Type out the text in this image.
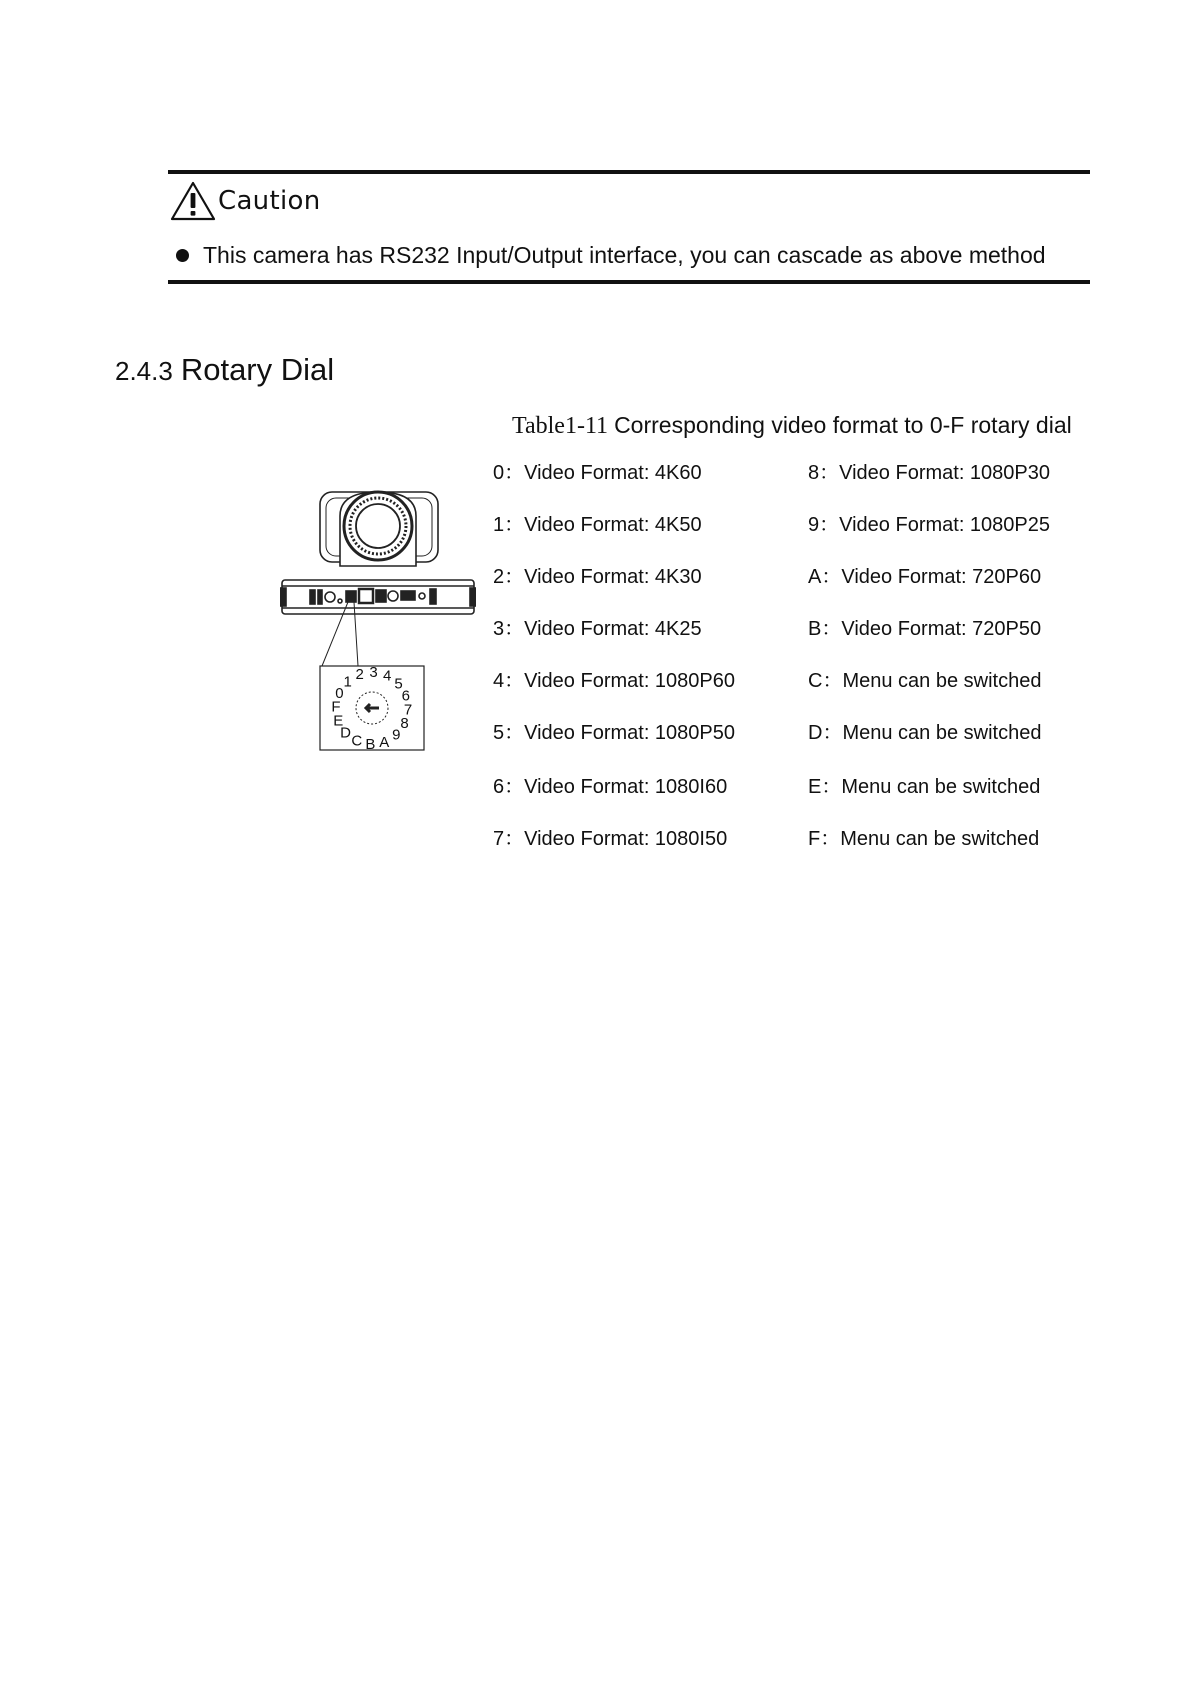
Caution
This camera has RS232 Input/Output interface, you can cascade as above method
2.4.3 Rotary Dial
Table1-11 Corresponding video format to 0-F rotary dial
0
1 2 3 4 5
6
7
8
9
A
B
C
D
E
F
0：Video Format: 4K60
1：Video Format: 4K50
2：Video Format: 4K30
3：Video Format: 4K25
4：Video Format: 1080P60
5：Video Format: 1080P50
6：Video Format: 1080I60
7：Video Format: 1080I50
8：Video Format: 1080P30
9：Video Format: 1080P25
A：Video Format: 720P60
B：Video Format: 720P50
C：Menu can be switched
D：Menu can be switched
E：Menu can be switched
F：Menu can be switched
